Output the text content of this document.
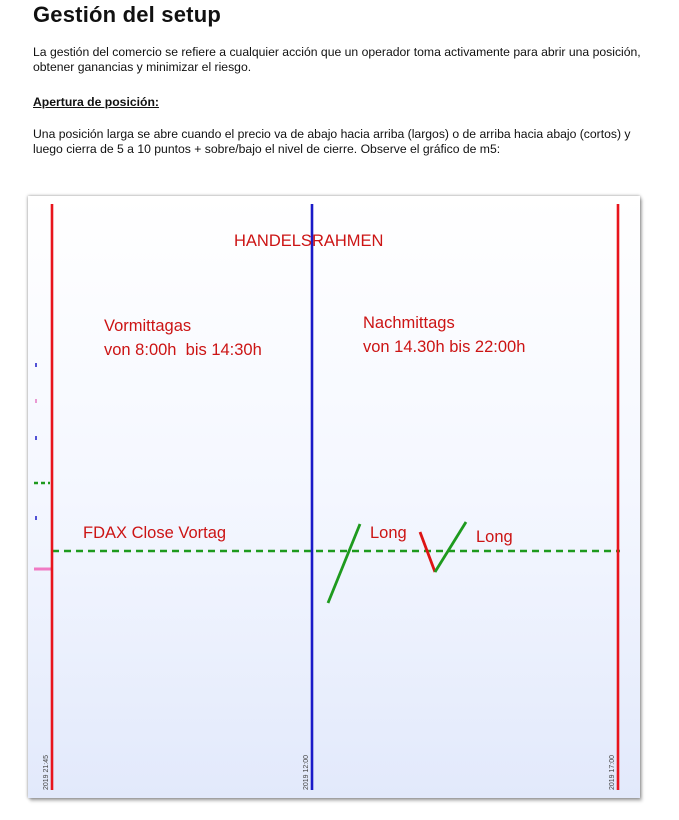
Gestión del setup

La gestión del comercio se refiere a cualquier acción que un operador toma activamente para abrir una posición, obtener ganancias y minimizar el riesgo.

Apertura de posición:

Una posición larga se abre cuando el precio va de abajo hacia arriba (largos) o de arriba hacia abajo (cortos) y luego cierra de 5 a 10 puntos + sobre/bajo el nivel de cierre. Observe el gráfico de m5:

HANDELSRAHMEN
Vormittagas
von 8:00h  bis 14:30h
Nachmittags
von 14.30h bis 22:00h
FDAX Close Vortag	Long	Long
2019 21:45	2019 12:00	2019 17:00
